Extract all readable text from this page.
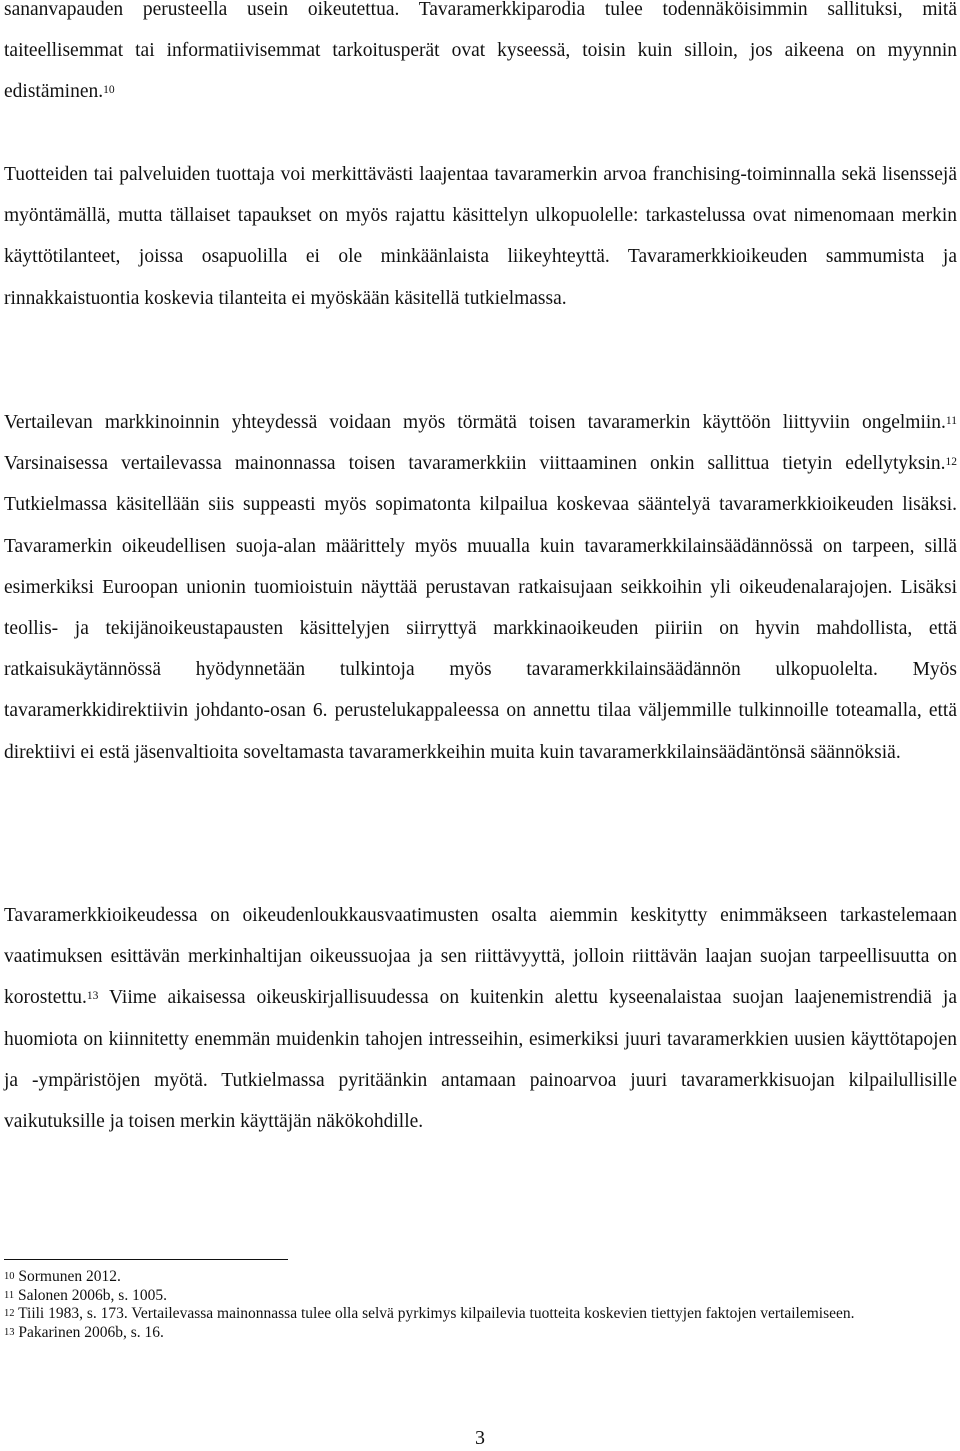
sananvapauden perusteella usein oikeutettua. Tavaramerkkiparodia tulee todennäköisimmin sallituksi, mitä taiteellisemmat tai informatiivisemmat tarkoitusperät ovat kyseessä, toisin kuin silloin, jos aikeena on myynnin edistäminen.$^{10}$

Tuotteiden tai palveluiden tuottaja voi merkittävästi laajentaa tavaramerkin arvoa franchising-toiminnalla sekä lisenssejä myöntämällä, mutta tällaiset tapaukset on myös rajattu käsittelyn ulkopuolelle: tarkastelussa ovat nimenomaan merkin käyttötilanteet, joissa osapuolilla ei ole minkäänlaista liikeyhteyttä. Tavaramerkkioikeuden sammumista ja rinnakkaistuontia koskevia tilanteita ei myöskään käsitellä tutkielmassa.

Vertailevan markkinoinnin yhteydessä voidaan myös törmätä toisen tavaramerkin käyttöön liittyviin ongelmiin.$^{11}$ Varsinaisessa vertailevassa mainonnassa toisen tavaramerkkiin viittaaminen onkin sallittua tietyin edellytyksin.$^{12}$ Tutkielmassa käsitellään siis suppeasti myös sopimatonta kilpailua koskevaa sääntelyä tavaramerkkioikeuden lisäksi. Tavaramerkin oikeudellisen suoja-alan määrittely myös muualla kuin tavaramerkkilainsäädännössä on tarpeen, sillä esimerkiksi Euroopan unionin tuomioistuin näyttää perustavan ratkaisujaan seikkoihin yli oikeudenalarajojen. Lisäksi teollis- ja tekijänoikeustapausten käsittelyjen siirryttyä markkinaoikeuden piiriin on hyvin mahdollista, että ratkaisukäytännössä hyödynnetään tulkintoja myös tavaramerkkilainsäädännön ulkopuolelta. Myös tavaramerkkidirektiivin johdanto-osan 6. perustelukappaleessa on annettu tilaa väljemmille tulkinnoille toteamalla, että direktiivi ei estä jäsenvaltioita soveltamasta tavaramerkkeihin muita kuin tavaramerkkilainsäädäntönsä säännöksiä.

Tavaramerkkioikeudessa on oikeudenloukkausvaatimusten osalta aiemmin keskitytty enimmäkseen tarkastelemaan vaatimuksen esittävän merkinhaltijan oikeussuojaa ja sen riittävyyttä, jolloin riittävän laajan suojan tarpeellisuutta on korostettu.$^{13}$ Viime aikaisessa oikeuskirjallisuudessa on kuitenkin alettu kyseenalaistaa suojan laajenemistrendiä ja huomiota on kiinnitetty enemmän muidenkin tahojen intresseihin, esimerkiksi juuri tavaramerkkien uusien käyttötapojen ja -ympäristöjen myötä. Tutkielmassa pyritäänkin antamaan painoarvoa juuri tavaramerkkisuojan kilpailullisille vaikutuksille ja toisen merkin käyttäjän näkökohdille.

$^{10}$ Sormunen 2012.

$^{11}$ Salonen 2006b, s. 1005.

$^{12}$ Tiili 1983, s. 173. Vertailevassa mainonnassa tulee olla selvä pyrkimys kilpailevia tuotteita koskevien tiettyjen faktojen vertailemiseen.

$^{13}$ Pakarinen 2006b, s. 16.

3
